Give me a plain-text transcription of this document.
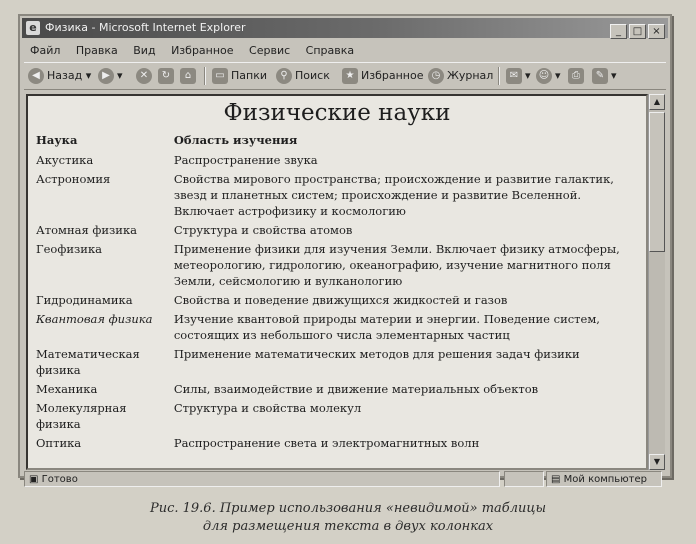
e Физика - Microsoft Internet Explorer	_ □ ×
Файл Правка Вид Избранное Сервис Справка
◀ Назад ▾	▶ ▾	✕	↻	⌂	▭ Папки	⚲ Поиск	★ Избранное ◷ Журнал	✉ ▾ ☺ ▾	⎙	✎ ▾
Физические науки
Наука	Область изучения
Акустика	Распространение звука
Астрономия	Свойства мирового пространства; происхождение и развитие галактик, звезд и планетных систем; происхождение и развитие Вселенной. Включает астрофизику и космологию
Атомная физика	Структура и свойства атомов
Геофизика	Применение физики для изучения Земли. Включает физику атмосферы, метеорологию, гидрологию, океанографию, изучение магнитного поля Земли, сейсмологию и вулканологию
Гидродинамика	Свойства и поведение движущихся жидкостей и газов
Квантовая физика	Изучение квантовой природы материи и энергии. Поведение систем, состоящих из небольшого числа элементарных частиц
Математическая физика	Применение математических методов для решения задач физики
Механика	Силы, взаимодействие и движение материальных объектов
Молекулярная физика	Структура и свойства молекул
Оптика	Распространение света и электромагнитных волн
▲
▼
▣ Готово	▤ Мой компьютер
Рис. 19.6. Пример использования «невидимой» таблицы
для размещения текста в двух колонках
